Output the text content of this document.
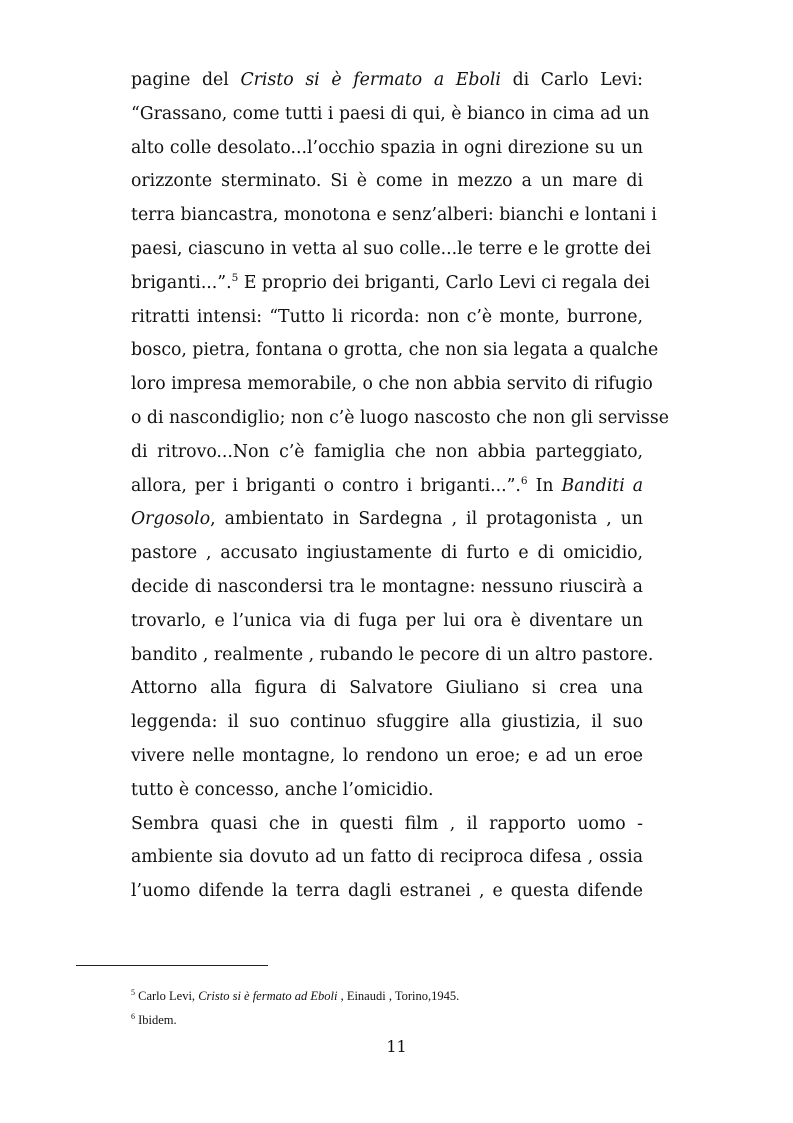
pagine del Cristo si è fermato a Eboli di Carlo Levi:
“Grassano, come tutti i paesi di qui, è bianco in cima ad un
alto colle desolato...l’occhio spazia in ogni direzione su un
orizzonte sterminato. Si è come in mezzo a un mare di
terra biancastra, monotona e senz’alberi: bianchi e lontani i
paesi, ciascuno in vetta al suo colle...le terre e le grotte dei
briganti...”.$^5$ E proprio dei briganti, Carlo Levi ci regala dei
ritratti intensi: “Tutto li ricorda: non c’è monte, burrone,
bosco, pietra, fontana o grotta, che non sia legata a qualche
loro impresa memorabile, o che non abbia servito di rifugio
o di nascondiglio; non c’è luogo nascosto che non gli servisse
di ritrovo...Non c’è famiglia che non abbia parteggiato,
allora, per i briganti o contro i briganti...”.$^6$ In Banditi a
Orgosolo, ambientato in Sardegna , il protagonista , un
pastore , accusato ingiustamente di furto e di omicidio,
decide di nascondersi tra le montagne: nessuno riuscirà a
trovarlo, e l’unica via di fuga per lui ora è diventare un
bandito , realmente , rubando le pecore di un altro pastore.
Attorno alla figura di Salvatore Giuliano si crea una
leggenda: il suo continuo sfuggire alla giustizia, il suo
vivere nelle montagne, lo rendono un eroe; e ad un eroe
tutto è concesso, anche l’omicidio.
Sembra quasi che in questi film , il rapporto uomo -
ambiente sia dovuto ad un fatto di reciproca difesa , ossia
l’uomo difende la terra dagli estranei , e questa difende
$^5$ Carlo Levi, Cristo si è fermato ad Eboli , Einaudi , Torino,1945.
$^6$ Ibidem.
11
